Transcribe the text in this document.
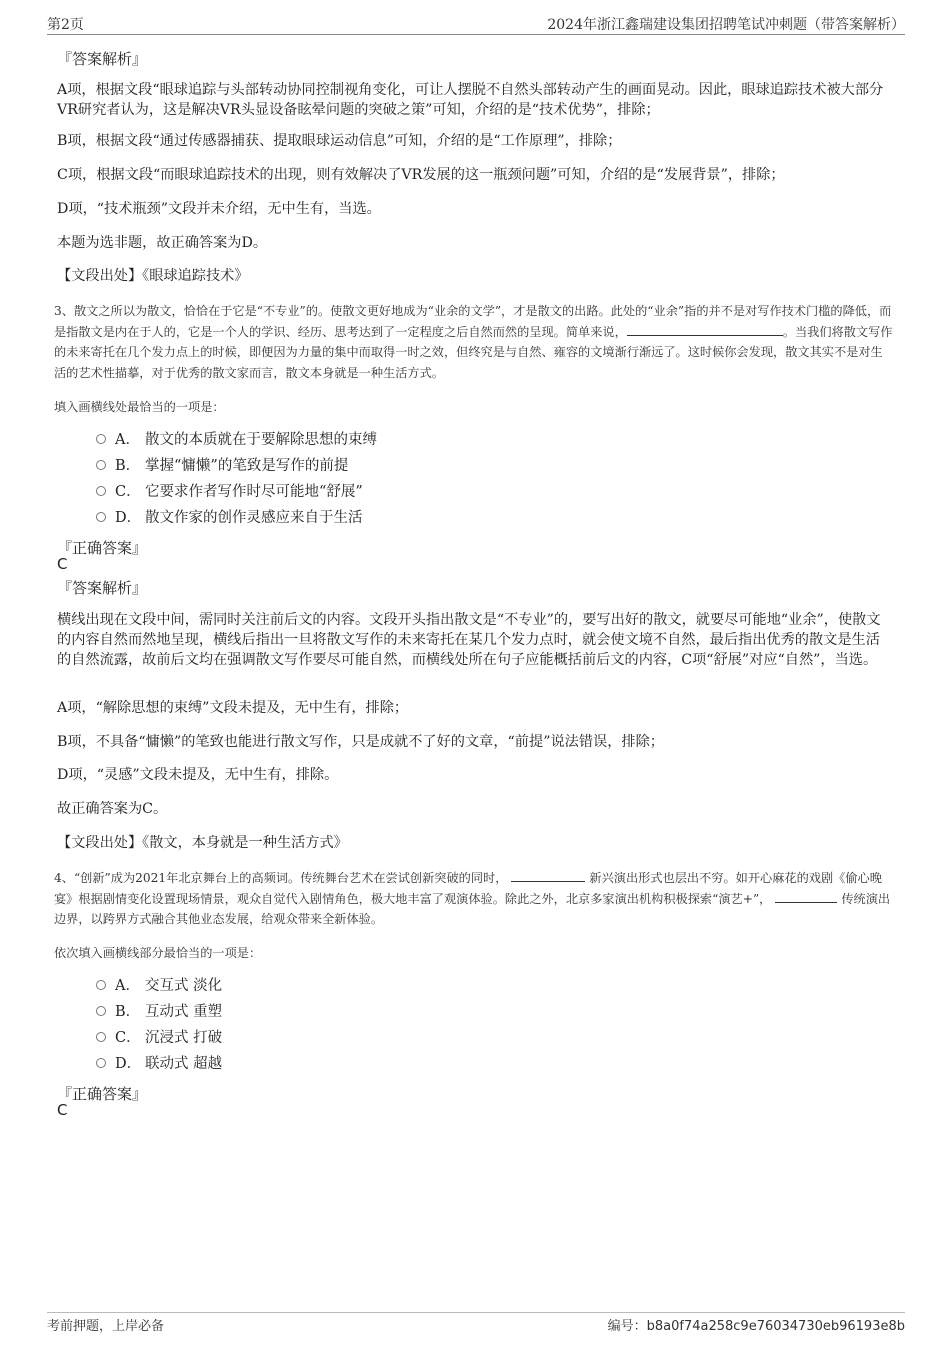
第2页	2024年浙江鑫瑞建设集团招聘笔试冲刺题（带答案解析）
『答案解析』
A项，根据文段“眼球追踪与头部转动协同控制视角变化，可让人摆脱不自然头部转动产生的画面晃动。因此，眼球追踪技术被大部分VR研究者认为，这是解决VR头显设备眩晕问题的突破之策”可知，介绍的是“技术优势”，排除；
B项，根据文段“通过传感器捕获、提取眼球运动信息”可知，介绍的是“工作原理”，排除；
C项，根据文段“而眼球追踪技术的出现，则有效解决了VR发展的这一瓶颈问题”可知，介绍的是“发展背景”，排除；
D项，“技术瓶颈”文段并未介绍，无中生有，当选。
本题为选非题，故正确答案为D。
【文段出处】《眼球追踪技术》
3、散文之所以为散文，恰恰在于它是“不专业”的。使散文更好地成为“业余的文学”，才是散文的出路。此处的“业余”指的并不是对写作技术门槛的降低，而是指散文是内在于人的，它是一个人的学识、经历、思考达到了一定程度之后自然而然的呈现。简单来说，	。当我们将散文写作的未来寄托在几个发力点上的时候，即便因为力量的集中而取得一时之效，但终究是与自然、雍容的文境渐行渐远了。这时候你会发现，散文其实不是对生活的艺术性描摹，对于优秀的散文家而言，散文本身就是一种生活方式。
填入画横线处最恰当的一项是：
A． 散文的本质就在于要解除思想的束缚
B． 掌握“慵懒”的笔致是写作的前提
C． 它要求作者写作时尽可能地“舒展”
D． 散文作家的创作灵感应来自于生活
『正确答案』
C
『答案解析』
横线出现在文段中间，需同时关注前后文的内容。文段开头指出散文是“不专业”的，要写出好的散文，就要尽可能地“业余”，使散文的内容自然而然地呈现，横线后指出一旦将散文写作的未来寄托在某几个发力点时，就会使文境不自然，最后指出优秀的散文是生活的自然流露，故前后文均在强调散文写作要尽可能自然，而横线处所在句子应能概括前后文的内容，C项“舒展”对应“自然”，当选。
A项，“解除思想的束缚”文段未提及，无中生有，排除；
B项，不具备“慵懒”的笔致也能进行散文写作，只是成就不了好的文章，“前提”说法错误，排除；
D项，“灵感”文段未提及，无中生有，排除。
故正确答案为C。
【文段出处】《散文，本身就是一种生活方式》
4、“创新”成为2021年北京舞台上的高频词。传统舞台艺术在尝试创新突破的同时，	新兴演出形式也层出不穷。如开心麻花的戏剧《偷心晚宴》根据剧情变化设置现场情景，观众自觉代入剧情角色，极大地丰富了观演体验。除此之外，北京多家演出机构积极探索“演艺+”，	传统演出边界，以跨界方式融合其他业态发展，给观众带来全新体验。
依次填入画横线部分最恰当的一项是：
A． 交互式 淡化
B． 互动式 重塑
C． 沉浸式 打破
D． 联动式 超越
『正确答案』
C
考前押题，上岸必备	编号：b8a0f74a258c9e76034730eb96193e8b
